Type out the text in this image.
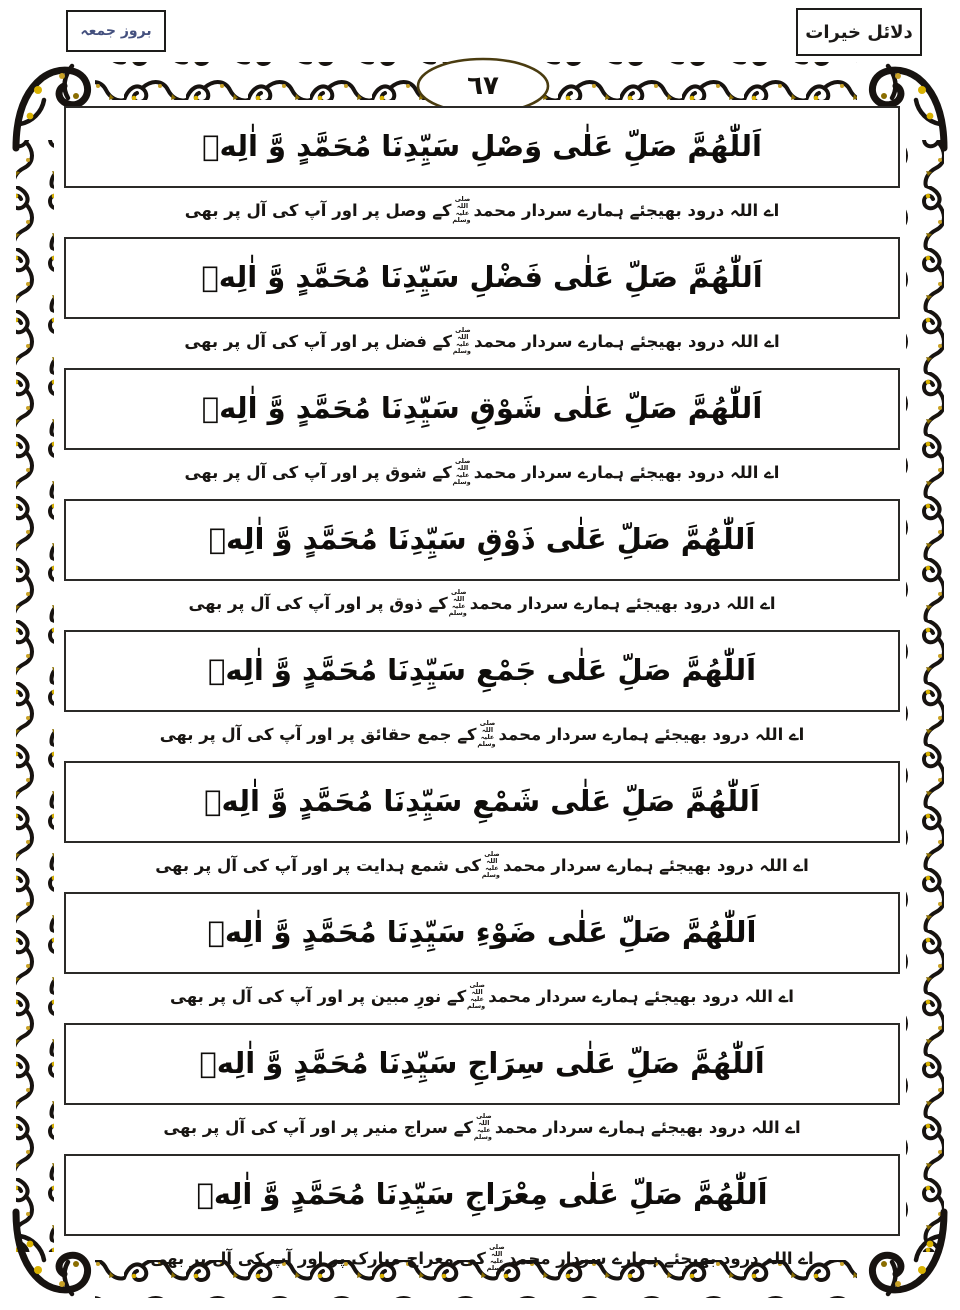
بروز جمعہ	دلائل خیرات
٦٧
اَللّٰهُمَّ صَلِّ عَلٰی وَصْلِ سَیِّدِنَا مُحَمَّدٍ وَّ اٰلِهٖ
اے اللہ درود بھیجئے ہمارے سردار محمد
صلی اللہ علیہ وسلم
کے وصل پر اور آپ کی آل پر بھی
اَللّٰهُمَّ صَلِّ عَلٰی فَضْلِ سَیِّدِنَا مُحَمَّدٍ وَّ اٰلِهٖ
اے اللہ درود بھیجئے ہمارے سردار محمد
صلی اللہ علیہ وسلم
کے فضل پر اور آپ کی آل پر بھی
اَللّٰهُمَّ صَلِّ عَلٰی شَوْقِ سَیِّدِنَا مُحَمَّدٍ وَّ اٰلِهٖ
اے اللہ درود بھیجئے ہمارے سردار محمد
صلی اللہ علیہ وسلم
کے شوق پر اور آپ کی آل پر بھی
اَللّٰهُمَّ صَلِّ عَلٰی ذَوْقِ سَیِّدِنَا مُحَمَّدٍ وَّ اٰلِهٖ
اے اللہ درود بھیجئے ہمارے سردار محمد
صلی اللہ علیہ وسلم
کے ذوق پر اور آپ کی آل پر بھی
اَللّٰهُمَّ صَلِّ عَلٰی جَمْعِ سَیِّدِنَا مُحَمَّدٍ وَّ اٰلِهٖ
اے اللہ درود بھیجئے ہمارے سردار محمد
صلی اللہ علیہ وسلم
کے جمع حقائق پر اور آپ کی آل پر بھی
اَللّٰهُمَّ صَلِّ عَلٰی شَمْعِ سَیِّدِنَا مُحَمَّدٍ وَّ اٰلِهٖ
اے اللہ درود بھیجئے ہمارے سردار محمد
صلی اللہ علیہ وسلم
کی شمع ہدایت پر اور آپ کی آل پر بھی
اَللّٰهُمَّ صَلِّ عَلٰی ضَوْءِ سَیِّدِنَا مُحَمَّدٍ وَّ اٰلِهٖ
اے اللہ درود بھیجئے ہمارے سردار محمد
صلی اللہ علیہ وسلم
کے نورِ مبین پر اور آپ کی آل پر بھی
اَللّٰهُمَّ صَلِّ عَلٰی سِرَاجِ سَیِّدِنَا مُحَمَّدٍ وَّ اٰلِهٖ
اے اللہ درود بھیجئے ہمارے سردار محمد
صلی اللہ علیہ وسلم
کے سراج منیر پر اور آپ کی آل پر بھی
اَللّٰهُمَّ صَلِّ عَلٰی مِعْرَاجِ سَیِّدِنَا مُحَمَّدٍ وَّ اٰلِهٖ
اے اللہ درود بھیجئے ہمارے سردار محمد
صلی اللہ علیہ وسلم
کی معراج مبارک پر اور آپ کی آل پر بھی
